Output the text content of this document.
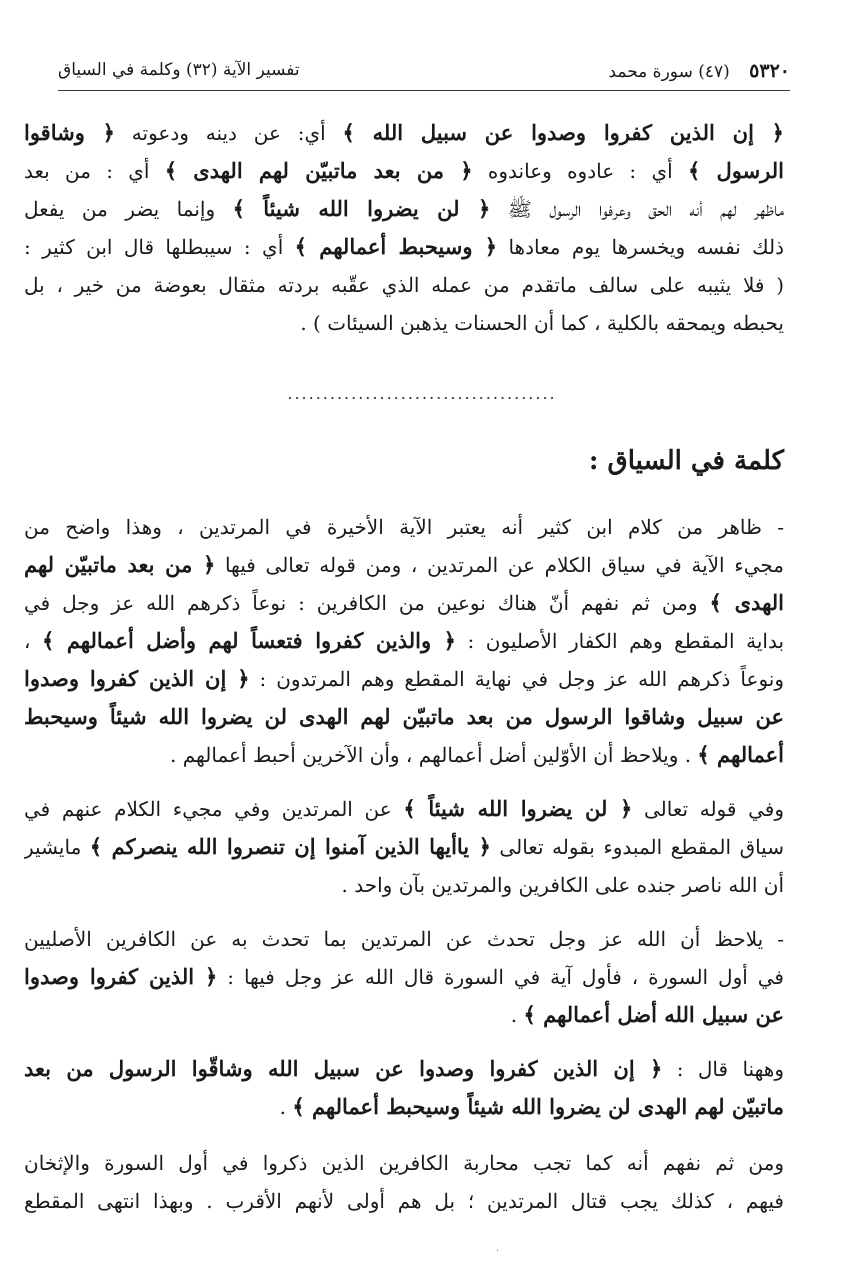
٥٣٢٠ (٤٧) سورة محمد
تفسير الآية (٣٢) وكلمة في السياق
﴿ إن الذين كفروا وصدوا عن سبيل الله ﴾ أي: عن دينه ودعوته ﴿ وشاقوا
الرسول ﴾ أي : عادوه وعاندوه ﴿ من بعد ماتبيّن لهم الهدى ﴾ أي : من بعد
ماظهر لهم أنه الحق وعرفوا الرسول ﷺ ﴿ لن يضروا الله شيئاً ﴾ وإنما يضر من يفعل
ذلك نفسه ويخسرها يوم معادها ﴿ وسيحبط أعمالهم ﴾ أي : سيبطلها قال ابن كثير :
( فلا يثيبه على سالف ماتقدم من عمله الذي عقّبه بردته مثقال بعوضة من خير ، بل
يحبطه ويمحقه بالكلية ، كما أن الحسنات يذهبن السيئات ) .
......................................
كلمة في السياق :
- ظاهر من كلام ابن كثير أنه يعتبر الآية الأخيرة في المرتدين ، وهذا واضح من
مجيء الآية في سياق الكلام عن المرتدين ، ومن قوله تعالى فيها ﴿ من بعد ماتبيّن لهم
الهدى ﴾ ومن ثم نفهم أنّ هناك نوعين من الكافرين : نوعاً ذكرهم الله عز وجل في
بداية المقطع وهم الكفار الأصليون : ﴿ والذين كفروا فتعساً لهم وأضل أعمالهم ﴾ ،
ونوعاً ذكرهم الله عز وجل في نهاية المقطع وهم المرتدون : ﴿ إن الذين كفروا وصدوا
عن سبيل وشاقوا الرسول من بعد ماتبيّن لهم الهدى لن يضروا الله شيئاً وسيحبط
أعمالهم ﴾ . ويلاحظ أن الأوّلين أضل أعمالهم ، وأن الآخرين أحبط أعمالهم .
وفي قوله تعالى ﴿ لن يضروا الله شيئاً ﴾ عن المرتدين وفي مجيء الكلام عنهم في
سياق المقطع المبدوء بقوله تعالى ﴿ ياأيها الذين آمنوا إن تنصروا الله ينصركم ﴾ مايشير
أن الله ناصر جنده على الكافرين والمرتدين بآن واحد .
- يلاحظ أن الله عز وجل تحدث عن المرتدين بما تحدث به عن الكافرين الأصليين
في أول السورة ، فأول آية في السورة قال الله عز وجل فيها : ﴿ الذين كفروا وصدوا
عن سبيل الله أضل أعمالهم ﴾ .
وههنا قال : ﴿ إن الذين كفروا وصدوا عن سبيل الله وشاقّوا الرسول من بعد
ماتبيّن لهم الهدى لن يضروا الله شيئاً وسيحبط أعمالهم ﴾ .
ومن ثم نفهم أنه كما تجب محاربة الكافرين الذين ذكروا في أول السورة والإثخان
فيهم ، كذلك يجب قتال المرتدين ؛ بل هم أولى لأنهم الأقرب . وبهذا انتهى المقطع
·
